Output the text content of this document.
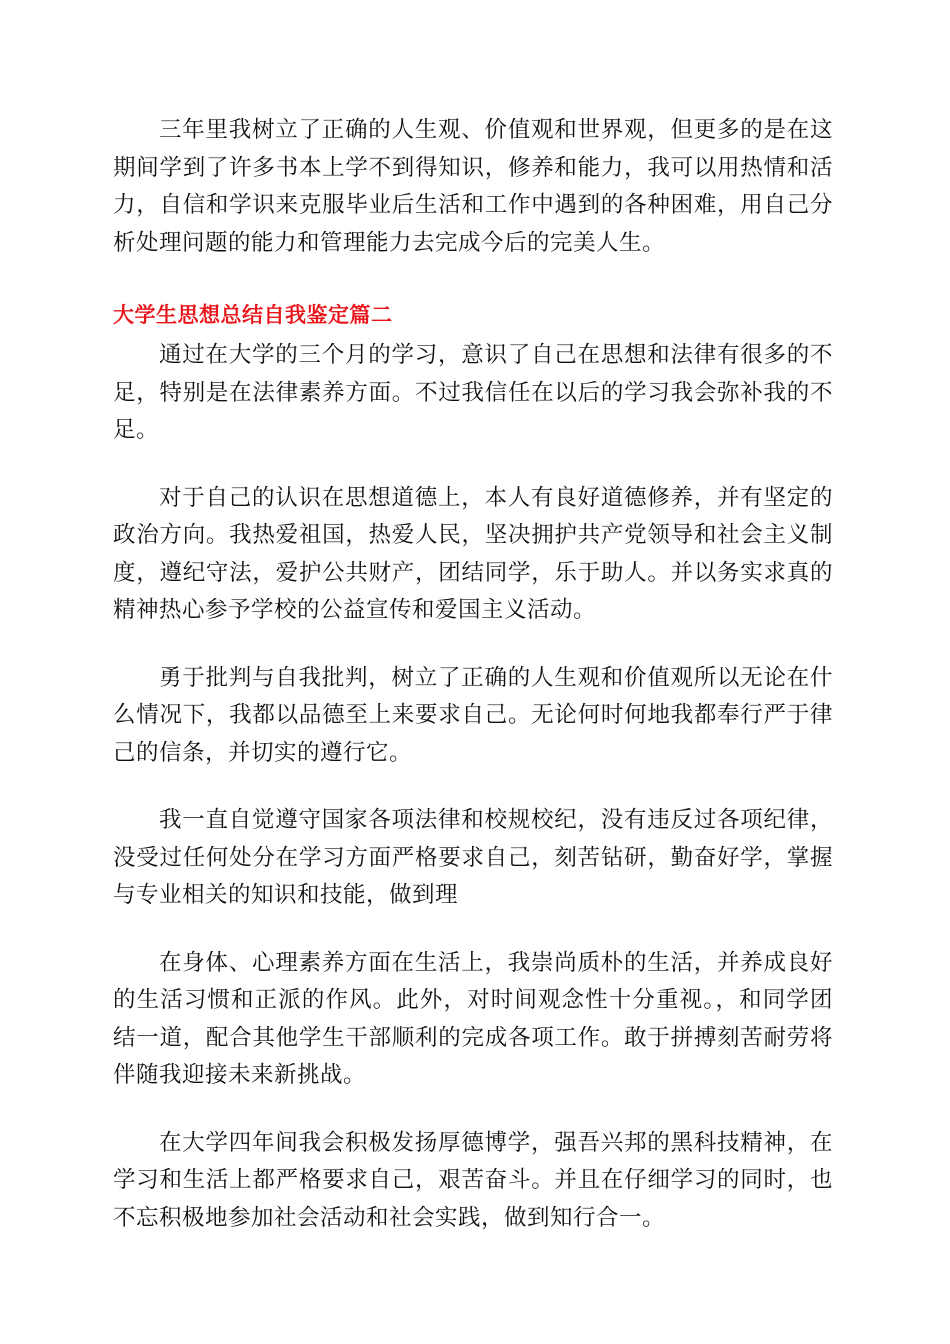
三年里我树立了正确的人生观、价值观和世界观，但更多的是在这期间学到了许多书本上学不到得知识，修养和能力，我可以用热情和活力，自信和学识来克服毕业后生活和工作中遇到的各种困难，用自己分析处理问题的能力和管理能力去完成今后的完美人生。

大学生思想总结自我鉴定篇二

通过在大学的三个月的学习，意识了自己在思想和法律有很多的不足，特别是在法律素养方面。不过我信任在以后的学习我会弥补我的不足。

对于自己的认识在思想道德上，本人有良好道德修养，并有坚定的政治方向。我热爱祖国，热爱人民，坚决拥护共产党领导和社会主义制度，遵纪守法，爱护公共财产，团结同学，乐于助人。并以务实求真的精神热心参予学校的公益宣传和爱国主义活动。

勇于批判与自我批判，树立了正确的人生观和价值观所以无论在什么情况下，我都以品德至上来要求自己。无论何时何地我都奉行严于律己的信条，并切实的遵行它。

我一直自觉遵守国家各项法律和校规校纪，没有违反过各项纪律，没受过任何处分在学习方面严格要求自己，刻苦钻研，勤奋好学，掌握与专业相关的知识和技能，做到理

在身体、心理素养方面在生活上，我崇尚质朴的生活，并养成良好的生活习惯和正派的作风。此外，对时间观念性十分重视。，和同学团结一道，配合其他学生干部顺利的完成各项工作。敢于拼搏刻苦耐劳将伴随我迎接未来新挑战。

在大学四年间我会积极发扬厚德博学，强吾兴邦的黑科技精神，在学习和生活上都严格要求自己，艰苦奋斗。并且在仔细学习的同时，也不忘积极地参加社会活动和社会实践，做到知行合一。
